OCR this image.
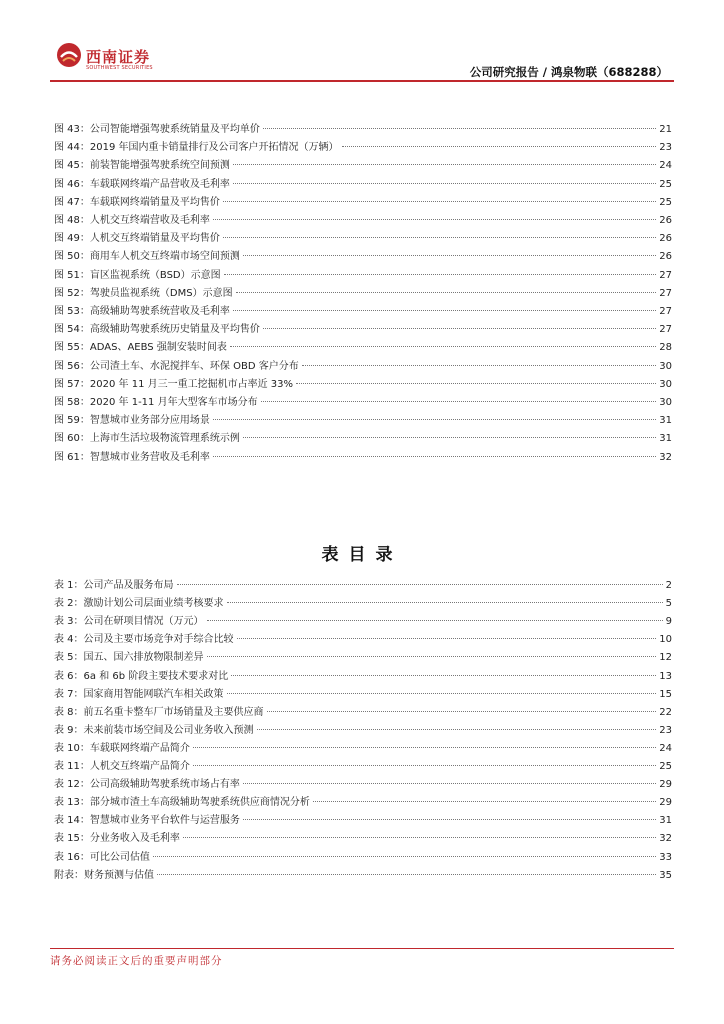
西南证券
SOUTHWEST SECURITIES	公司研究报告 / 鸿泉物联（688288）
图 43：公司智能增强驾驶系统销量及平均单价	21
图 44：2019 年国内重卡销量排行及公司客户开拓情况（万辆）	23
图 45：前装智能增强驾驶系统空间预测	24
图 46：车载联网终端产品营收及毛利率	25
图 47：车载联网终端销量及平均售价	25
图 48：人机交互终端营收及毛利率	26
图 49：人机交互终端销量及平均售价	26
图 50：商用车人机交互终端市场空间预测	26
图 51：盲区监视系统（BSD）示意图	27
图 52：驾驶员监视系统（DMS）示意图	27
图 53：高级辅助驾驶系统营收及毛利率	27
图 54：高级辅助驾驶系统历史销量及平均售价	27
图 55：ADAS、AEBS 强制安装时间表	28
图 56：公司渣土车、水泥搅拌车、环保 OBD 客户分布	30
图 57：2020 年 11 月三一重工挖掘机市占率近 33%	30
图 58：2020 年 1-11 月年大型客车市场分布	30
图 59：智慧城市业务部分应用场景	31
图 60：上海市生活垃圾物流管理系统示例	31
图 61：智慧城市业务营收及毛利率	32
表目录
表 1：公司产品及服务布局	2
表 2：激励计划公司层面业绩考核要求	5
表 3：公司在研项目情况（万元）	9
表 4：公司及主要市场竞争对手综合比较	10
表 5：国五、国六排放物限制差异	12
表 6：6a 和 6b 阶段主要技术要求对比	13
表 7：国家商用智能网联汽车相关政策	15
表 8：前五名重卡整车厂市场销量及主要供应商	22
表 9：未来前装市场空间及公司业务收入预测	23
表 10：车载联网终端产品简介	24
表 11：人机交互终端产品简介	25
表 12：公司高级辅助驾驶系统市场占有率	29
表 13：部分城市渣土车高级辅助驾驶系统供应商情况分析	29
表 14：智慧城市业务平台软件与运营服务	31
表 15：分业务收入及毛利率	32
表 16：可比公司估值	33
附表：财务预测与估值	35
请务必阅读正文后的重要声明部分
